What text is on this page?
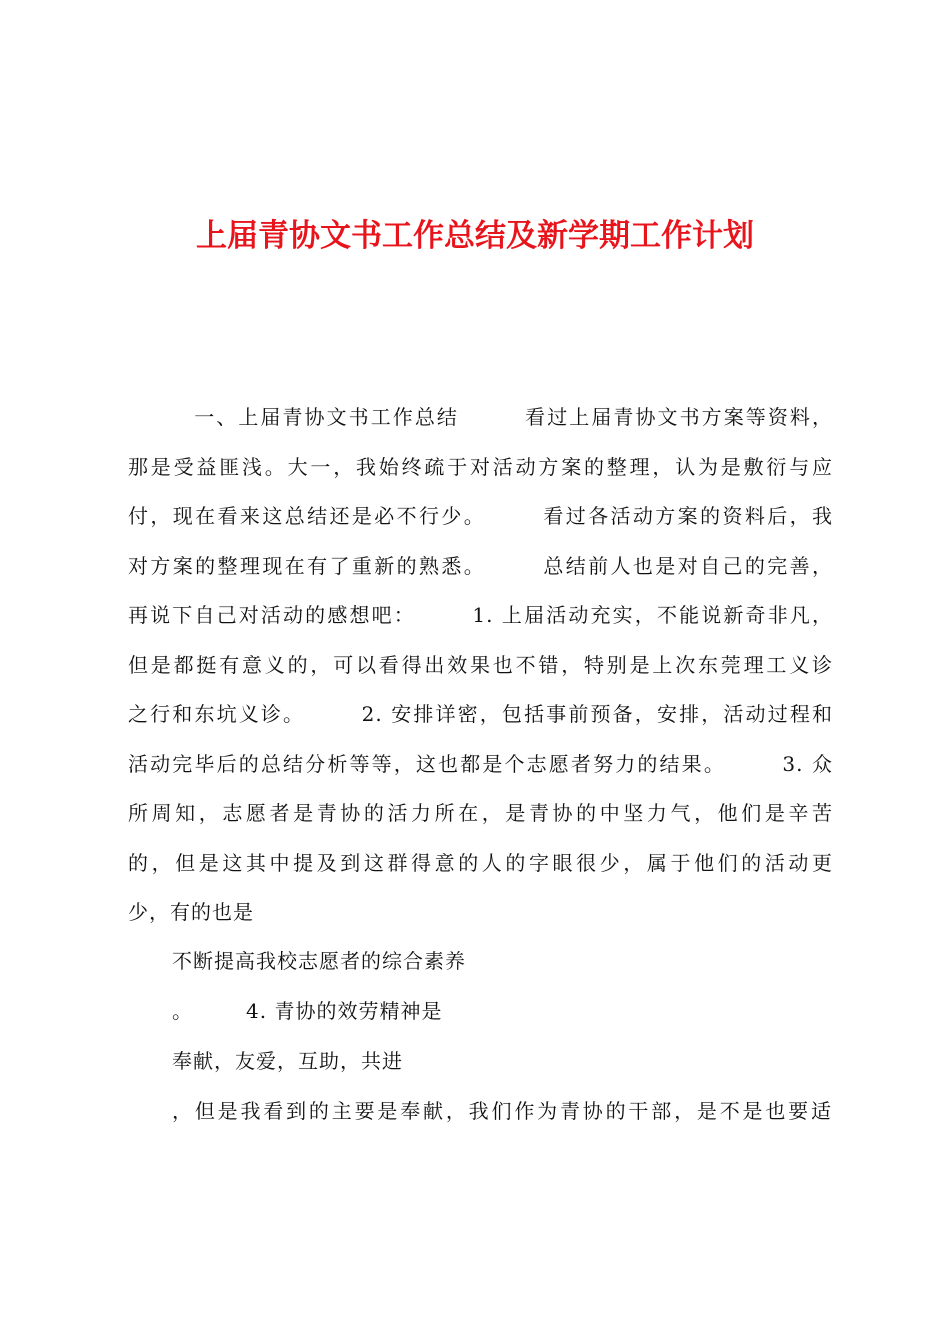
上届青协文书工作总结及新学期工作计划
　　　一、上届青协文书工作总结　　　看过上届青协文书方案等资料，
那是受益匪浅。大一，我始终疏于对活动方案的整理，认为是敷衍与应
付，现在看来这总结还是必不行少。　　　看过各活动方案的资料后，我
对方案的整理现在有了重新的熟悉。　　　总结前人也是对自己的完善，
再说下自己对活动的感想吧：　　　1. 上届活动充实，不能说新奇非凡，
但是都挺有意义的，可以看得出效果也不错，特别是上次东莞理工义诊
之行和东坑义诊。　　　2. 安排详密，包括事前预备，安排，活动过程和
活动完毕后的总结分析等等，这也都是个志愿者努力的结果。　　　3. 众
所周知，志愿者是青协的活力所在，是青协的中坚力气，他们是辛苦
的，但是这其中提及到这群得意的人的字眼很少，属于他们的活动更
少，有的也是
不断提高我校志愿者的综合素养
。　　　4. 青协的效劳精神是
奉献，友爱，互助，共进
，但是我看到的主要是奉献，我们作为青协的干部，是不是也要适
